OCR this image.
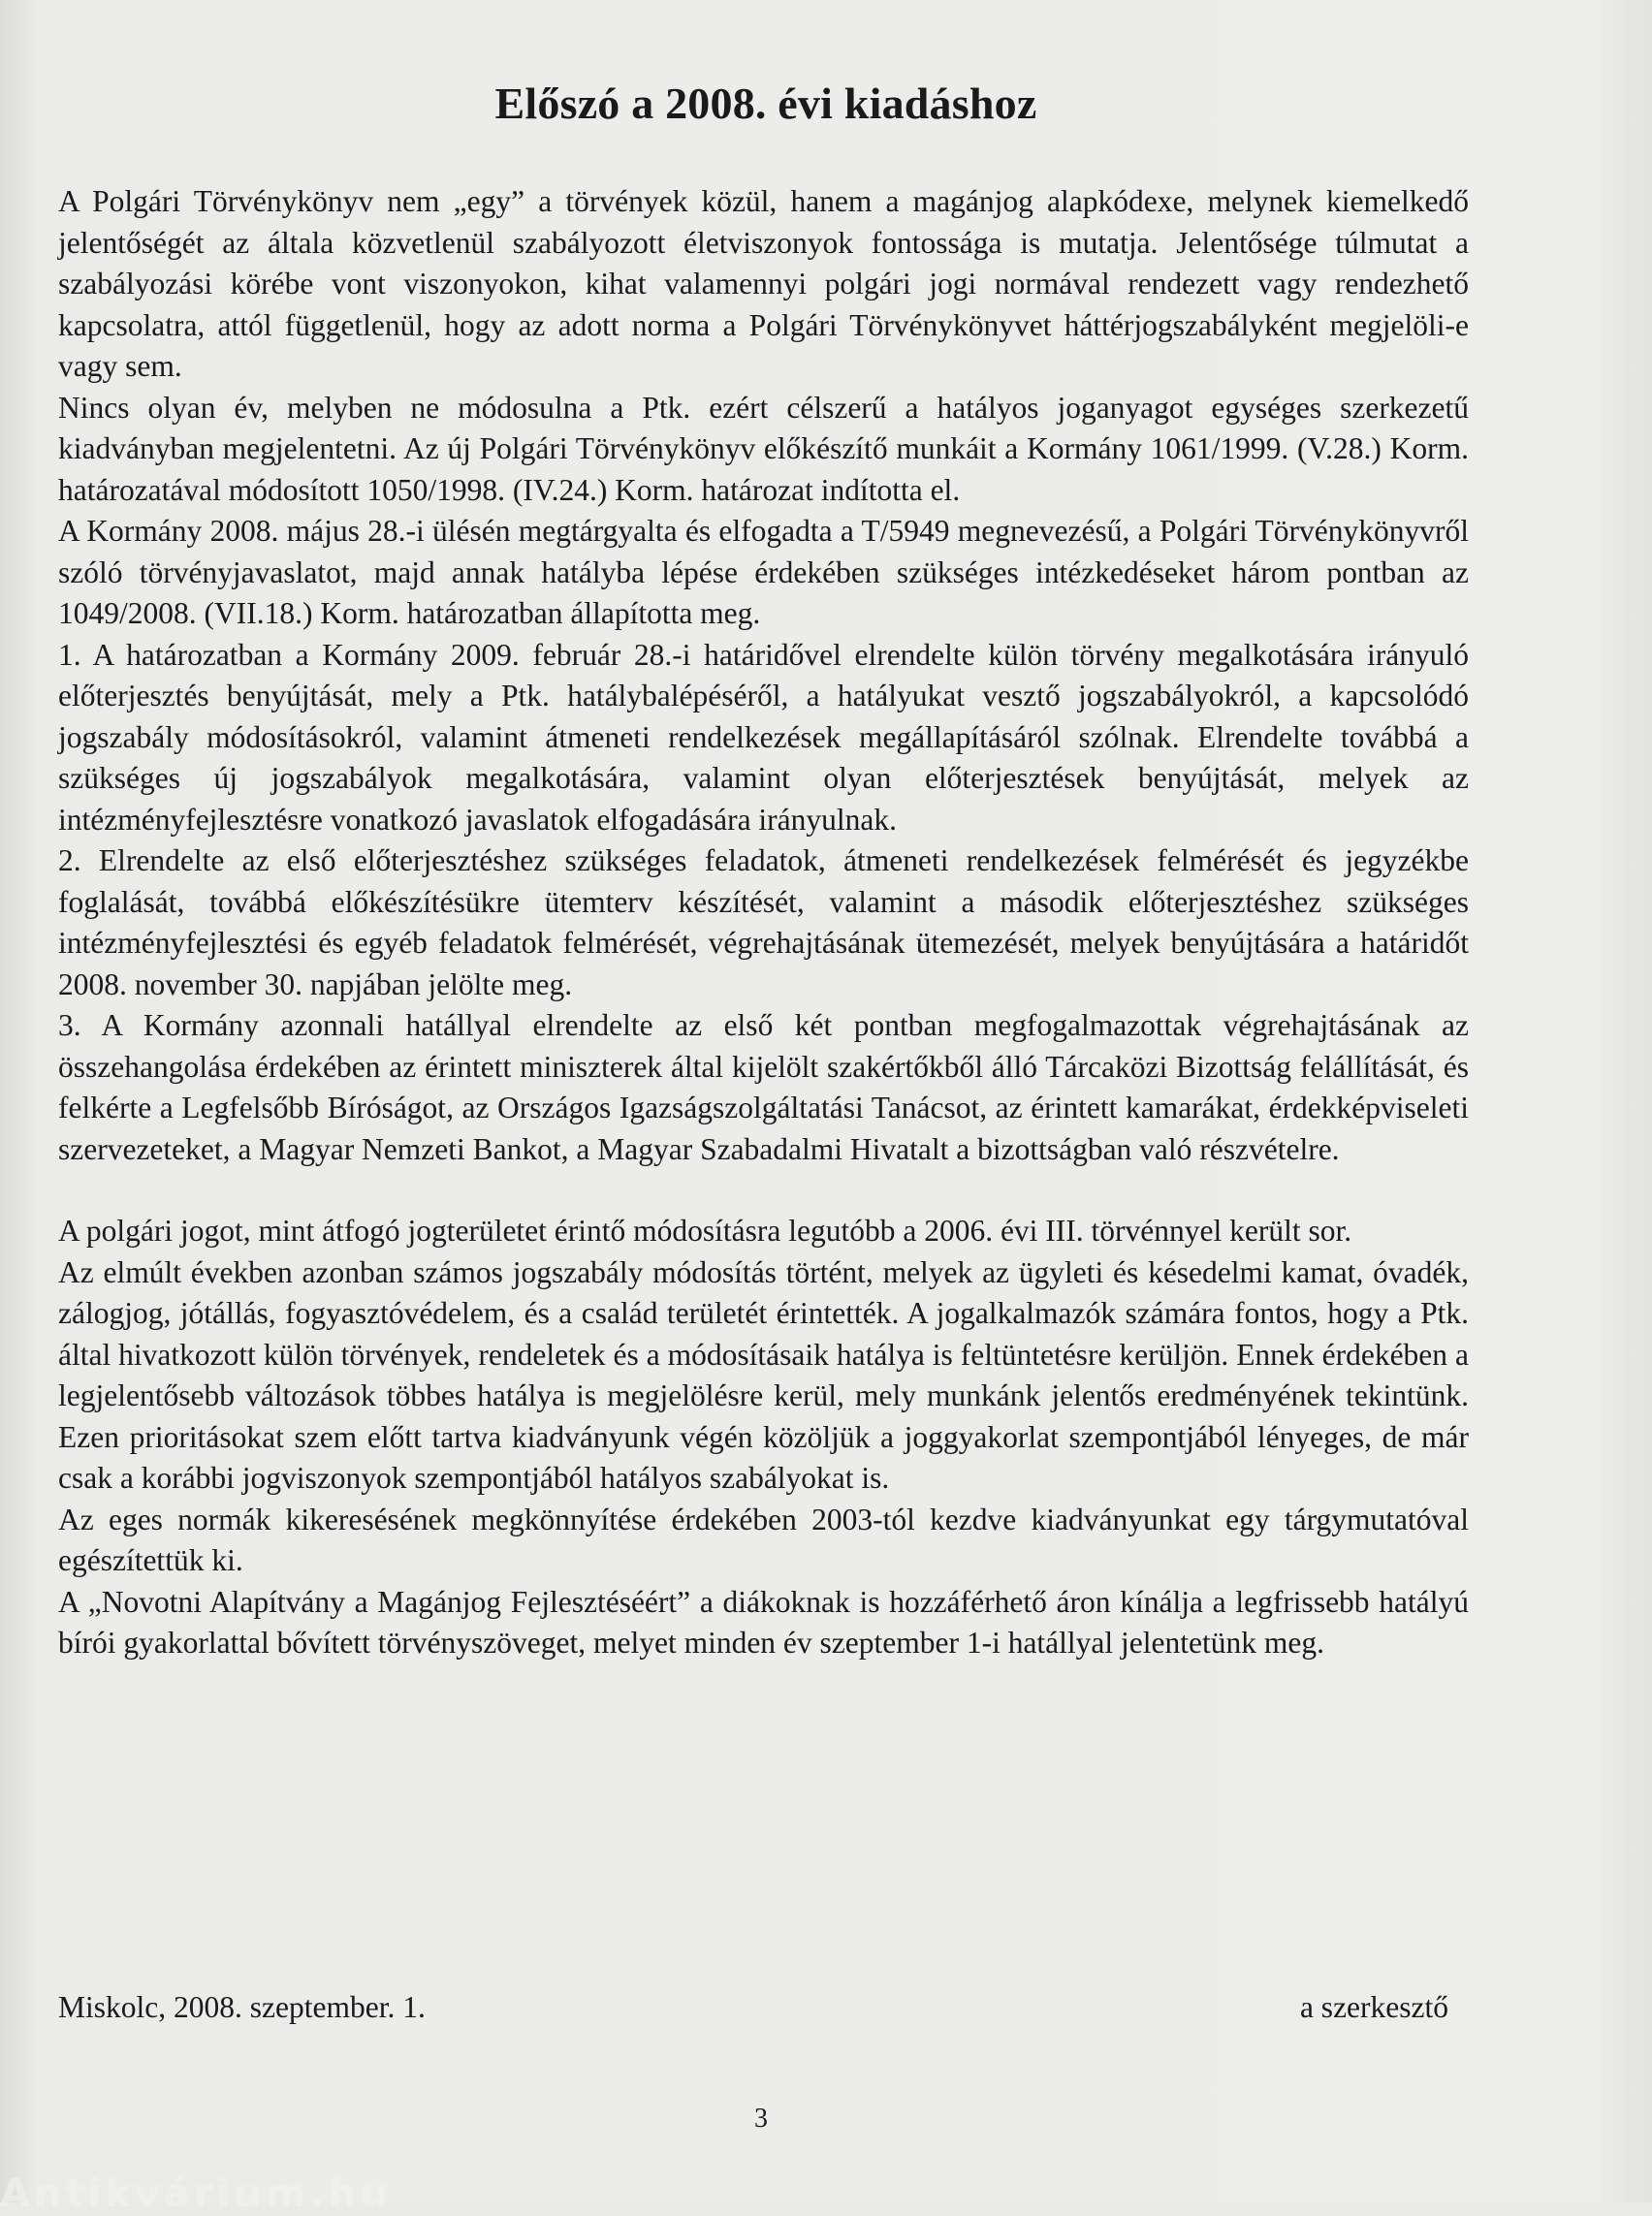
Előszó a 2008. évi kiadáshoz

A Polgári Törvénykönyv nem „egy” a törvények közül, hanem a magánjog alapkódexe, melynek kiemelkedő jelentőségét az általa közvetlenül szabályozott életviszonyok fontossága is mutatja. Jelentősége túlmutat a szabályozási körébe vont viszonyokon, kihat valamennyi polgári jogi normával rendezett vagy rendezhető kapcsolatra, attól függetlenül, hogy az adott norma a Polgári Törvénykönyvet háttérjogszabályként megjelöli-e vagy sem.

Nincs olyan év, melyben ne módosulna a Ptk. ezért célszerű a hatályos joganyagot egységes szerkezetű kiadványban megjelentetni. Az új Polgári Törvénykönyv előkészítő munkáit a Kormány 1061/1999. (V.28.) Korm. határozatával módosított 1050/1998. (IV.24.) Korm. határozat indította el.

A Kormány 2008. május 28.-i ülésén megtárgyalta és elfogadta a T/5949 megnevezésű, a Polgári Törvénykönyvről szóló törvényjavaslatot, majd annak hatályba lépése érdekében szükséges intézkedéseket három pontban az 1049/2008. (VII.18.) Korm. határozatban állapította meg.

1. A határozatban a Kormány 2009. február 28.-i határidővel elrendelte külön törvény megalkotására irányuló előterjesztés benyújtását, mely a Ptk. hatálybalépéséről, a hatályukat vesztő jogszabályokról, a kapcsolódó jogszabály módosításokról, valamint átmeneti rendelkezések megállapításáról szólnak. Elrendelte továbbá a szükséges új jogszabályok megalkotására, valamint olyan előterjesztések benyújtását, melyek az intézményfejlesztésre vonatkozó javaslatok elfogadására irányulnak.

2. Elrendelte az első előterjesztéshez szükséges feladatok, átmeneti rendelkezések felmérését és jegyzékbe foglalását, továbbá előkészítésükre ütemterv készítését, valamint a második előterjesztéshez szükséges intézményfejlesztési és egyéb feladatok felmérését, végrehajtásának ütemezését, melyek benyújtására a határidőt 2008. november 30. napjában jelölte meg.

3. A Kormány azonnali hatállyal elrendelte az első két pontban megfogalmazottak végrehajtásának az összehangolása érdekében az érintett miniszterek által kijelölt szakértőkből álló Tárcaközi Bizottság felállítását, és felkérte a Legfelsőbb Bíróságot, az Országos Igazságszolgáltatási Tanácsot, az érintett kamarákat, érdekképviseleti szervezeteket, a Magyar Nemzeti Bankot, a Magyar Szabadalmi Hivatalt a bizottságban való részvételre.

A polgári jogot, mint átfogó jogterületet érintő módosításra legutóbb a 2006. évi III. törvénnyel került sor.

Az elmúlt években azonban számos jogszabály módosítás történt, melyek az ügyleti és késedelmi kamat, óvadék, zálogjog, jótállás, fogyasztóvédelem, és a család területét érintették. A jogalkalmazók számára fontos, hogy a Ptk. által hivatkozott külön törvények, rendeletek és a módosításaik hatálya is feltüntetésre kerüljön. Ennek érdekében a legjelentősebb változások többes hatálya is megjelölésre kerül, mely munkánk jelentős eredményének tekintünk. Ezen prioritásokat szem előtt tartva kiadványunk végén közöljük a joggyakorlat szempontjából lényeges, de már csak a korábbi jogviszonyok szempontjából hatályos szabályokat is.

Az eges normák kikeresésének megkönnyítése érdekében 2003-tól kezdve kiadványunkat egy tárgymutatóval egészítettük ki.

A „Novotni Alapítvány a Magánjog Fejlesztéséért” a diákoknak is hozzáférhető áron kínálja a legfrissebb hatályú bírói gyakorlattal bővített törvényszöveget, melyet minden év szeptember 1-i hatállyal jelentetünk meg.

Miskolc, 2008. szeptember. 1.	a szerkesztő
3
Antikvárium.hu
